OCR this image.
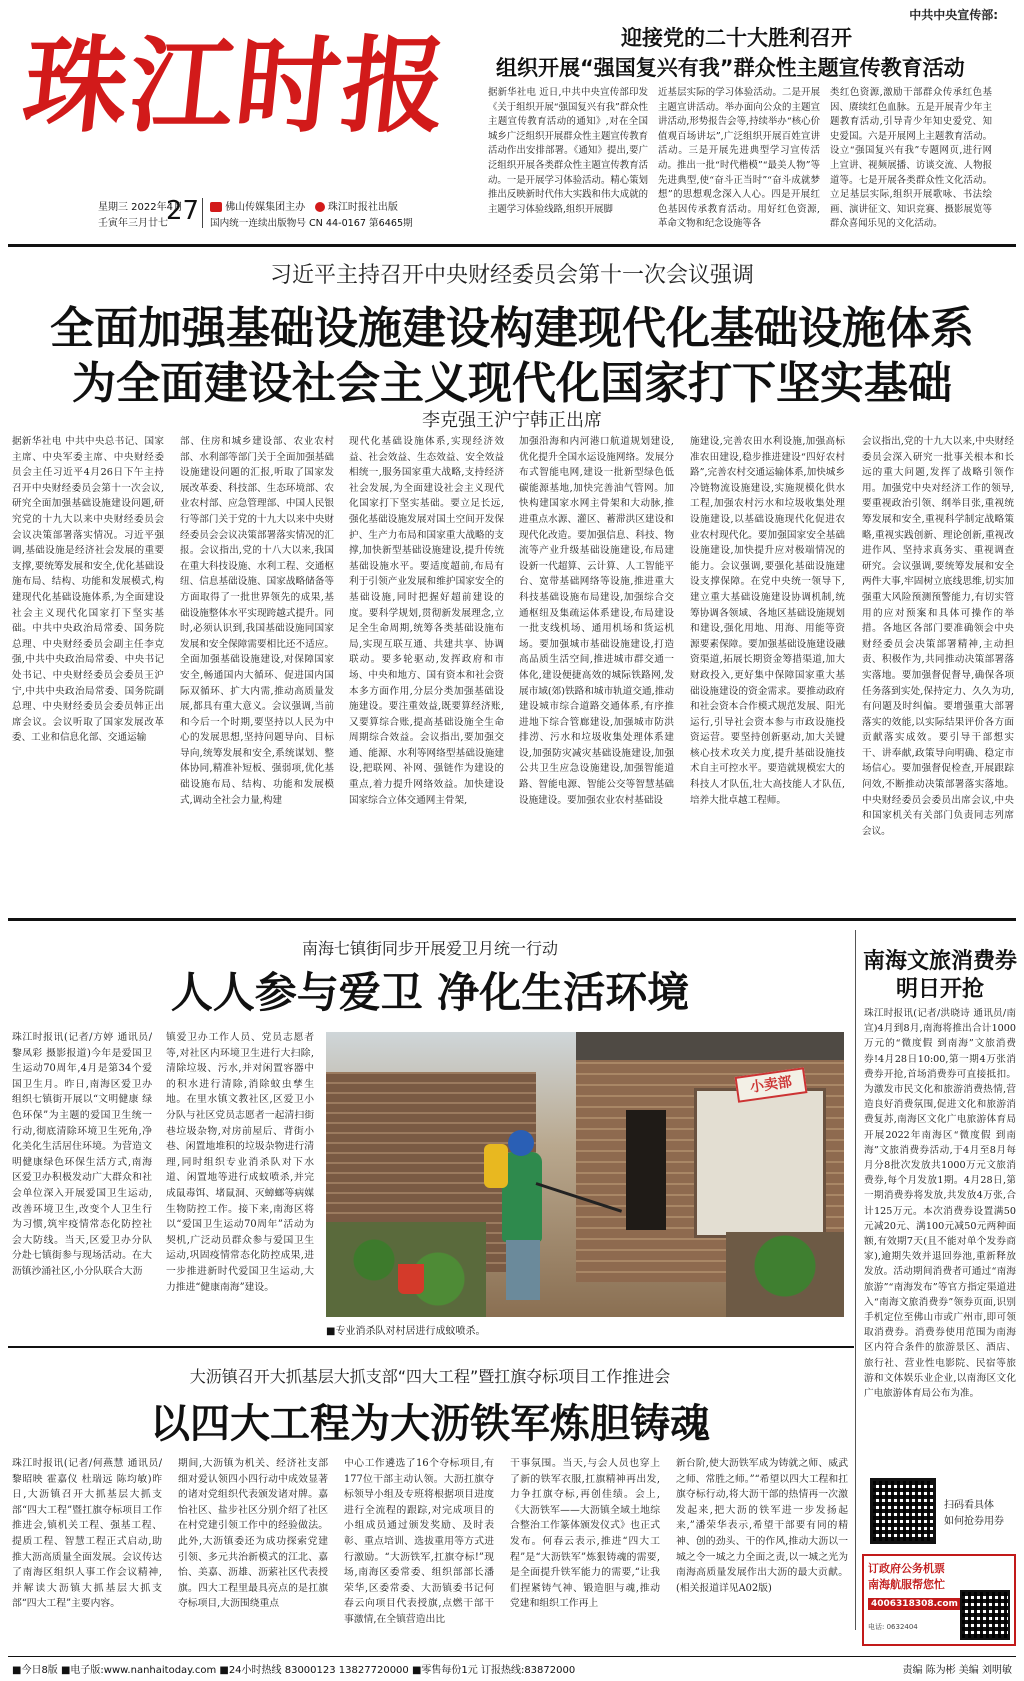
珠江时报
星期三 2022年4月
壬寅年三月廿七
27	佛山传媒集团主办 珠江时报社出版
国内统一连续出版物号 CN 44-0167 第6465期
中共中央宣传部:
迎接党的二十大胜利召开
组织开展“强国复兴有我”群众性主题宣传教育活动
据新华社电 近日,中共中央宣传部印发《关于组织开展“强国复兴有我”群众性主题宣传教育活动的通知》,对在全国城乡广泛组织开展群众性主题宣传教育活动作出安排部署。《通知》提出,要广泛组织开展各类群众性主题宣传教育活动。一是开展学习体验活动。精心策划推出反映新时代伟大实践和伟大成就的主题学习体验线路,组织开展脚
近基层实际的学习体验活动。二是开展主题宣讲活动。举办面向公众的主题宣讲活动,形势报告会等,持续举办“核心价值观百场讲坛”,广泛组织开展百姓宣讲活动。三是开展先进典型学习宣传活动。推出一批“时代楷模”“最美人物”等先进典型,使“奋斗正当时”“奋斗成就梦想”的思想观念深入人心。四是开展红色基因传承教育活动。用好红色资源,革命文物和纪念设施等各
类红色资源,激励干部群众传承红色基因、赓续红色血脉。五是开展青少年主题教育活动,引导青少年知史爱党、知史爱国。六是开展网上主题教育活动。设立“强国复兴有我”专题网页,进行网上宣讲、视频展播、访谈交流、人物报道等。七是开展各类群众性文化活动。立足基层实际,组织开展歌咏、书法绘画、演讲征文、知识竞赛、摄影展览等群众喜闻乐见的文化活动。
习近平主持召开中央财经委员会第十一次会议强调
全面加强基础设施建设构建现代化基础设施体系
为全面建设社会主义现代化国家打下坚实基础
李克强王沪宁韩正出席
据新华社电 中共中央总书记、国家主席、中央军委主席、中央财经委员会主任习近平4月26日下午主持召开中央财经委员会第十一次会议,研究全面加强基础设施建设问题,研究党的十九大以来中央财经委员会会议决策部署落实情况。习近平强调,基础设施是经济社会发展的重要支撑,要统筹发展和安全,优化基础设施布局、结构、功能和发展模式,构建现代化基础设施体系,为全面建设社会主义现代化国家打下坚实基础。中共中央政治局常委、国务院总理、中央财经委员会副主任李克强,中共中央政治局常委、中央书记处书记、中央财经委员会委员王沪宁,中共中央政治局常委、国务院副总理、中央财经委员会委员韩正出席会议。会议听取了国家发展改革委、工业和信息化部、交通运输
部、住房和城乡建设部、农业农村部、水利部等部门关于全面加强基础设施建设问题的汇报,听取了国家发展改革委、科技部、生态环境部、农业农村部、应急管理部、中国人民银行等部门关于党的十九大以来中央财经委员会会议决策部署落实情况的汇报。会议指出,党的十八大以来,我国在重大科技设施、水利工程、交通枢纽、信息基础设施、国家战略储备等方面取得了一批世界领先的成果,基础设施整体水平实现跨越式提升。同时,必须认识到,我国基础设施同国家发展和安全保障需要相比还不适应。全面加强基础设施建设,对保障国家安全,畅通国内大循环、促进国内国际双循环、扩大内需,推动高质量发展,都具有重大意义。会议强调,当前和今后一个时期,要坚持以人民为中心的发展思想,坚持问题导向、目标导向,统筹发展和安全,系统谋划、整体协同,精准补短板、强弱项,优化基础设施布局、结构、功能和发展模式,调动全社会力量,构建
现代化基础设施体系,实现经济效益、社会效益、生态效益、安全效益相统一,服务国家重大战略,支持经济社会发展,为全面建设社会主义现代化国家打下坚实基础。要立足长远,强化基础设施发展对国土空间开发保护、生产力布局和国家重大战略的支撑,加快新型基础设施建设,提升传统基础设施水平。要适度超前,布局有利于引领产业发展和维护国家安全的基础设施,同时把握好超前建设的度。要科学规划,贯彻新发展理念,立足全生命周期,统筹各类基础设施布局,实现互联互通、共建共享、协调联动。要多轮驱动,发挥政府和市场、中央和地方、国有资本和社会资本多方面作用,分层分类加强基础设施建设。要注重效益,既要算经济账,又要算综合账,提高基础设施全生命周期综合效益。会议指出,要加强交通、能源、水利等网络型基础设施建设,把联网、补网、强链作为建设的重点,着力提升网络效益。加快建设国家综合立体交通网主骨架,
加强沿海和内河港口航道规划建设,优化提升全国水运设施网络。发展分布式智能电网,建设一批新型绿色低碳能源基地,加快完善油气管网。加快构建国家水网主骨架和大动脉,推进重点水源、灌区、蓄滞洪区建设和现代化改造。要加强信息、科技、物流等产业升级基础设施建设,布局建设新一代超算、云计算、人工智能平台、宽带基础网络等设施,推进重大科技基础设施布局建设,加强综合交通枢纽及集疏运体系建设,布局建设一批支线机场、通用机场和货运机场。要加强城市基础设施建设,打造高品质生活空间,推进城市群交通一体化,建设便捷高效的城际铁路网,发展市域(郊)铁路和城市轨道交通,推动建设城市综合道路交通体系,有序推进地下综合管廊建设,加强城市防洪排涝、污水和垃圾收集处理体系建设,加强防灾减灾基础设施建设,加强公共卫生应急设施建设,加强智能道路、智能电源、智能公交等智慧基础设施建设。要加强农业农村基础设
施建设,完善农田水利设施,加强高标准农田建设,稳步推进建设“四好农村路”,完善农村交通运输体系,加快城乡冷链物流设施建设,实施规模化供水工程,加强农村污水和垃圾收集处理设施建设,以基础设施现代化促进农业农村现代化。要加强国家安全基础设施建设,加快提升应对极端情况的能力。会议强调,要强化基础设施建设支撑保障。在党中央统一领导下,建立重大基础设施建设协调机制,统筹协调各领域、各地区基础设施规划和建设,强化用地、用海、用能等资源要素保障。要加强基础设施建设融资渠道,拓展长期资金筹措渠道,加大财政投入,更好集中保障国家重大基础设施建设的资金需求。要推动政府和社会资本合作模式规范发展、阳光运行,引导社会资本参与市政设施投资运营。要坚持创新驱动,加大关键核心技术攻关力度,提升基础设施技术自主可控水平。要造就规模宏大的科技人才队伍,壮大高技能人才队伍,培养大批卓越工程师。
会议指出,党的十九大以来,中央财经委员会深入研究一批事关根本和长远的重大问题,发挥了战略引领作用。加强党中央对经济工作的领导,要重视政治引领、纲举目张,重视统筹发展和安全,重视科学制定战略策略,重视实践创新、理论创新,重视改进作风、坚持求真务实、重视调查研究。会议强调,要统筹发展和安全两件大事,牢固树立底线思维,切实加强重大风险预测预警能力,有切实管用的应对预案和具体可操作的举措。各地区各部门要准确领会中央财经委员会决策部署精神,主动担责、积极作为,共同推动决策部署落实落地。要加强督促督导,确保各项任务落到实处,保持定力、久久为功,有问题及时纠偏。要增强重大部署落实的效能,以实际结果评价各方面贡献落实成效。要引导干部想实干、讲奉献,政策导向明确、稳定市场信心。要加强督促检查,开展跟踪问效,不断推动决策部署落实落地。中央财经委员会委员出席会议,中央和国家机关有关部门负责同志列席会议。
南海七镇街同步开展爱卫月统一行动
人人参与爱卫 净化生活环境
珠江时报讯(记者/方婷 通讯员/黎凤彩 摄影报道)今年是爱国卫生运动70周年,4月是第34个爱国卫生月。昨日,南海区爱卫办组织七镇街开展以“文明健康 绿色环保”为主题的爱国卫生统一行动,彻底清除环境卫生死角,净化美化生活居住环境。为营造文明健康绿色环保生活方式,南海区爱卫办积极发动广大群众和社会单位深入开展爱国卫生运动,改善环境卫生,改变个人卫生行为习惯,筑牢疫情常态化防控社会大防线。当天,区爱卫办分队分赴七镇街参与现场活动。在大沥镇沙涌社区,小分队联合大沥
镇爱卫办工作人员、党员志愿者等,对社区内环境卫生进行大扫除,清除垃圾、污水,并对闲置容器中的积水进行清除,消除蚊虫孳生地。在里水镇文教社区,区爱卫小分队与社区党员志愿者一起清扫街巷垃圾杂物,对房前屋后、背街小巷、闲置地堆积的垃圾杂物进行清理,同时组织专业消杀队对下水道、闲置地等进行成蚊喷杀,并完成鼠毒饵、堵鼠洞、灭蟑螂等病媒生物防控工作。接下来,南海区将以“爱国卫生运动70周年”活动为契机,广泛动员群众参与爱国卫生运动,巩固疫情常态化防控成果,进一步推进新时代爱国卫生运动,大力推进“健康南海”建设。
小卖部
■专业消杀队对村居进行成蚊喷杀。
南海文旅消费券
明日开抢
珠江时报讯(记者/洪晓诗 通讯员/南宣)4月到8月,南海将推出合计1000万元的“微度假 到南海”文旅消费券!4月28日10:00,第一期4万张消费券开抢,首场消费券可直接抵扣。为激发市民文化和旅游消费热情,营造良好消费氛围,促进文化和旅游消费复苏,南海区文化广电旅游体育局开展2022年南海区“微度假 到南海”文旅消费券活动,于4月至8月每月分8批次发放共1000万元文旅消费券,每个月发放1期。4月28日,第一期消费券将发放,共发放4万张,合计125万元。本次消费券设置满50元减20元、满100元减50元两种面额,有效期7天(且不能对单个发券商家),逾期失效并退回券池,重新释放发放。活动期间消费者可通过“南海旅游”“南海发布”等官方指定渠道进入“南海文旅消费券”领券页面,识别手机定位至佛山市或广州市,即可领取消费券。消费券使用范围为南海区内符合条件的旅游景区、酒店、旅行社、营业性电影院、民宿等旅游和文体娱乐业企业,以南海区文化广电旅游体育局公布为准。
扫码看具体
如何抢券用券
订政府公务机票
南海航服帮您忙
4006318308.com
电话: 0632404
大沥镇召开大抓基层大抓支部“四大工程”暨扛旗夺标项目工作推进会
以四大工程为大沥铁军炼胆铸魂
珠江时报讯(记者/何燕慧 通讯员/黎昭映 霍嘉仪 杜瑞远 陈均敏)昨日,大沥镇召开大抓基层大抓支部“四大工程”暨扛旗夺标项目工作推进会,镇机关工程、强基工程、提质工程、智慧工程正式启动,助推大沥高质量全面发展。会议传达了南海区组织人事工作会议精神,并解读大沥镇大抓基层大抓支部“四大工程”主要内容。
期间,大沥镇为机关、经济社支部细对爱认领四小四行动中成效显著的诸对党组织代表颁发诸对牌。嘉怡社区、盐步社区分别介绍了社区在村党建引领工作中的经验做法。此外,大沥镇委还为成功探索党建引领、多元共治新模式的江北、嘉怡、美嘉、沥雄、沥萦社区代表授旗。四大工程里最具亮点的是扛旗夺标项目,大沥围绕重点
中心工作遴选了16个夺标项目,有177位干部主动认领。大沥扛旗夺标领导小组及专班将根据项目进度进行全流程的跟踪,对完成项目的小组成员通过颁发奖励、及时表彰、重点培训、选拔重用等方式进行激励。“大沥铁军,扛旗夺标!”现场,南海区委常委、组织部部长潘荣华,区委常委、大沥镇委书记何春云向项目代表授旗,点燃干部干事激情,在全镇营造出比
干事氛围。当天,与会人员也穿上了新的铁军衣服,扛旗精神再出发,力争扛旗夺标,再创佳绩。会上,《大沥铁军——大沥镇全域土地综合整治工作篆体颁发仪式》也正式发布。何春云表示,推进“四大工程”是“大沥铁军”炼狠铸魂的需要,是全面提升铁军能力的需要,“让我们捏紧铸气神、锻造胆与魂,推动党建和组织工作再上
新台阶,使大沥铁军成为铸就之师、威武之师、常胜之师。”“希望以四大工程和扛旗夺标行动,将大沥干部的热情再一次激发起来,把大沥的铁军进一步发扬起来,”潘荣华表示,希望干部要有同的精神、创的劲头、干的作风,推动大沥以一城之令一城之力全面之责,以一城之光为南海高质量发展作出大沥的最大贡献。(相关报道详见A02版)
■今日8版 ■电子版:www.nanhaitoday.com ■24小时热线 83000123 13827720000 ■零售每份1元 订报热线:83872000	责编 陈为彬 美编 刘明敏
